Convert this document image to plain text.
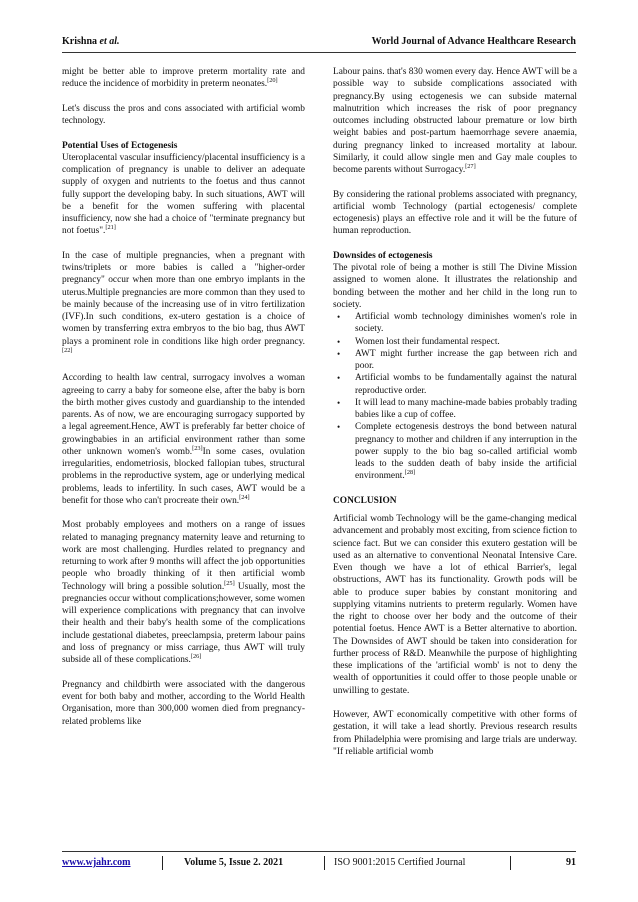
Krishna et al.	World Journal of Advance Healthcare Research

might be better able to improve preterm mortality rate and reduce the incidence of morbidity in preterm neonates.[20]

Let's discuss the pros and cons associated with artificial womb technology.

Potential Uses of Ectogenesis

Uteroplacental vascular insufficiency/placental insufficiency is a complication of pregnancy is unable to deliver an adequate supply of oxygen and nutrients to the foetus and thus cannot fully support the developing baby. In such situations, AWT will be a benefit for the women suffering with placental insufficiency, now she had a choice of "terminate pregnancy but not foetus".[21]

In the case of multiple pregnancies, when a pregnant with twins/triplets or more babies is called a "higher-order pregnancy" occur when more than one embryo implants in the uterus.Multiple pregnancies are more common than they used to be mainly because of the increasing use of in vitro fertilization (IVF).In such conditions, ex-utero gestation is a choice of women by transferring extra embryos to the bio bag, thus AWT plays a prominent role in conditions like high order pregnancy.[22]

According to health law central, surrogacy involves a woman agreeing to carry a baby for someone else, after the baby is born the birth mother gives custody and guardianship to the intended parents. As of now, we are encouraging surrogacy supported by a legal agreement.Hence, AWT is preferably far better choice of growingbabies in an artificial environment rather than some other unknown women's womb.[23]In some cases, ovulation irregularities, endometriosis, blocked fallopian tubes, structural problems in the reproductive system, age or underlying medical problems, leads to infertility. In such cases, AWT would be a benefit for those who can't procreate their own.[24]

Most probably employees and mothers on a range of issues related to managing pregnancy maternity leave and returning to work are most challenging. Hurdles related to pregnancy and returning to work after 9 months will affect the job opportunities people who broadly thinking of it then artificial womb Technology will bring a possible solution.[25] Usually, most the pregnancies occur without complications;however, some women will experience complications with pregnancy that can involve their health and their baby's health some of the complications include gestational diabetes, preeclampsia, preterm labour pains and loss of pregnancy or miss carriage, thus AWT will truly subside all of these complications.[26]

Pregnancy and childbirth were associated with the dangerous event for both baby and mother, according to the World Health Organisation, more than 300,000 women died from pregnancy-related problems like

Labour pains. that's 830 women every day. Hence AWT will be a possible way to subside complications associated with pregnancy.By using ectogenesis we can subside maternal malnutrition which increases the risk of poor pregnancy outcomes including obstructed labour premature or low birth weight babies and post-partum haemorrhage severe anaemia, during pregnancy linked to increased mortality at labour. Similarly, it could allow single men and Gay male couples to become parents without Surrogacy.[27]

By considering the rational problems associated with pregnancy, artificial womb Technology (partial ectogenesis/ complete ectogenesis) plays an effective role and it will be the future of human reproduction.

Downsides of ectogenesis

The pivotal role of being a mother is still The Divine Mission assigned to women alone. It illustrates the relationship and bonding between the mother and her child in the long run to society.

• Artificial womb technology diminishes women's role in society.
• Women lost their fundamental respect.
• AWT might further increase the gap between rich and poor.
• Artificial wombs to be fundamentally against the natural reproductive order.
• It will lead to many machine-made babies probably trading babies like a cup of coffee.
• Complete ectogenesis destroys the bond between natural pregnancy to mother and children if any interruption in the power supply to the bio bag so-called artificial womb leads to the sudden death of baby inside the artificial environment.[28]

CONCLUSION

Artificial womb Technology will be the game-changing medical advancement and probably most exciting, from science fiction to science fact. But we can consider this exutero gestation will be used as an alternative to conventional Neonatal Intensive Care. Even though we have a lot of ethical Barrier's, legal obstructions, AWT has its functionality. Growth pods will be able to produce super babies by constant monitoring and supplying vitamins nutrients to preterm regularly. Women have the right to choose over her body and the outcome of their potential foetus. Hence AWT is a Better alternative to abortion. The Downsides of AWT should be taken into consideration for further process of R&D. Meanwhile the purpose of highlighting these implications of the 'artificial womb' is not to deny the wealth of opportunities it could offer to those people unable or unwilling to gestate.

However, AWT economically competitive with other forms of gestation, it will take a lead shortly. Previous research results from Philadelphia were promising and large trials are underway. "If reliable artificial womb

www.wjahr.com	Volume 5, Issue 2. 2021	ISO 9001:2015 Certified Journal	91
